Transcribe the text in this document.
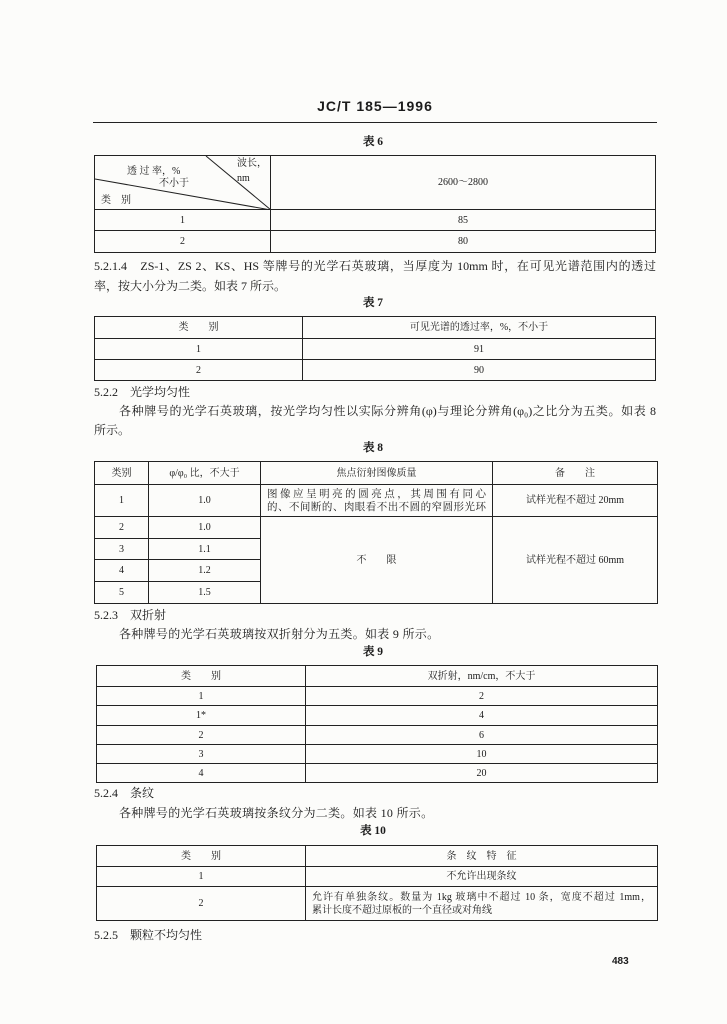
JC/T 185—1996
表 6
波长，
nm
透 过 率，%
不小于
类　别	2600～2800
1	85
2	80
5.2.1.4　ZS-1、ZS 2、KS、HS 等牌号的光学石英玻璃，当厚度为 10mm 时，在可见光谱范围内的透过
率，按大小分为二类。如表 7 所示。
表 7
类　　别	可见光谱的透过率，%，不小于
1	91
2	90
5.2.2　光学均匀性
各种牌号的光学石英玻璃，按光学均匀性以实际分辨角(φ)与理论分辨角(φ₀)之比分为五类。如表 8
所示。
表 8
类别	φ/φ₀ 比，不大于	焦点衍射图像质量	备　　注
1	1.0	图像应呈明亮的圆亮点，其周围有同心
的、不间断的、肉眼看不出不圆的窄圆形光环	试样光程不超过 20mm
2	1.0	不　　限	试样光程不超过 60mm
3	1.1		
4	1.2		
5	1.5		
5.2.3　双折射
各种牌号的光学石英玻璃按双折射分为五类。如表 9 所示。
表 9
类　　别	双折射，nm/cm，不大于
1	2
1*	4
2	6
3	10
4	20
5.2.4　条纹
各种牌号的光学石英玻璃按条纹分为二类。如表 10 所示。
表 10
类　　别	条　纹　特　征
1	不允许出现条纹
2	允许有单独条纹。数量为 1kg 玻璃中不超过 10 条，宽度不超过 1mm，
累计长度不超过原板的一个直径或对角线
5.2.5　颗粒不均匀性
483
